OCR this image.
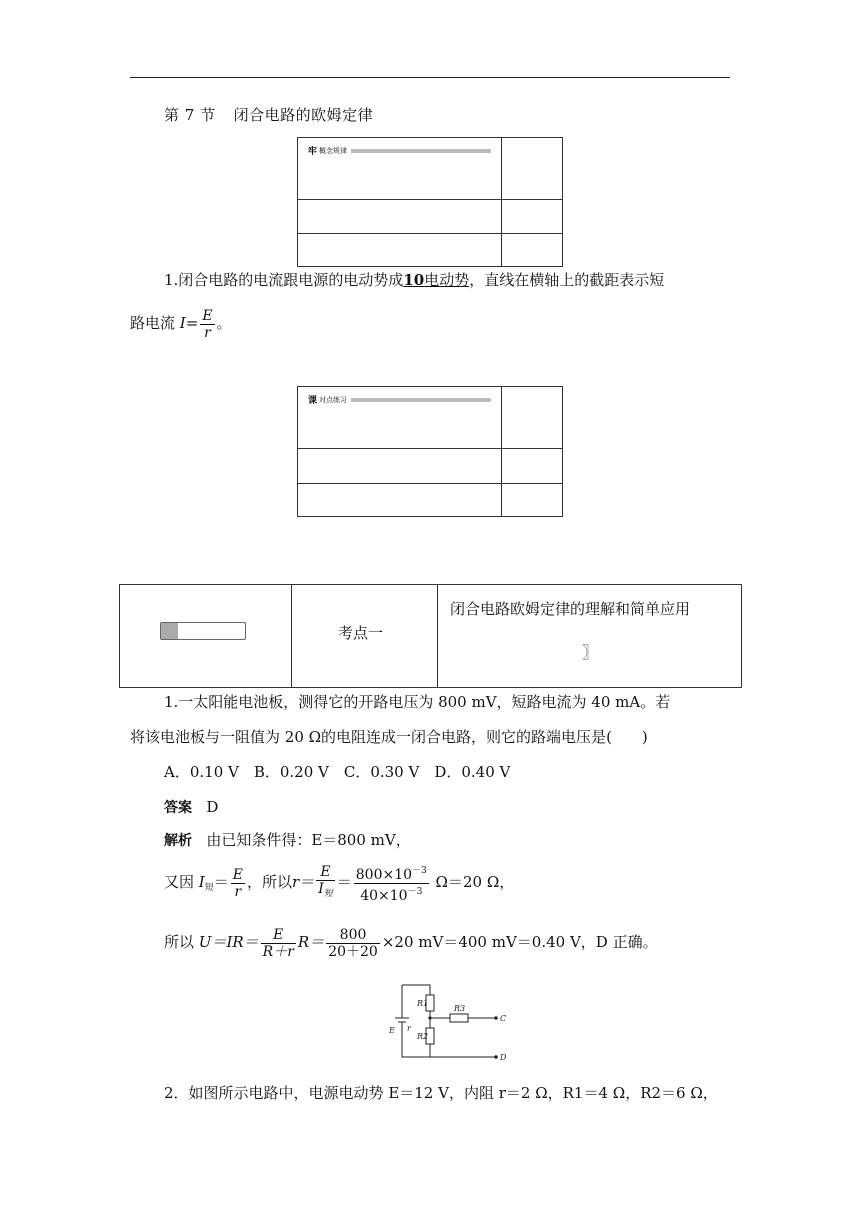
第 7 节 闭合电路的欧姆定律
牢 概念规律
1.闭合电路的电流跟电源的电动势成10电动势，直线在横轴上的截距表示短
路电流 $I= \frac{E}{r}$ 。
课 对点练习
考点一
闭合电路欧姆定律的理解和简单应用
〗
1.一太阳能电池板，测得它的开路电压为 800 mV，短路电流为 40 mA。若
将该电池板与一阻值为 20 Ω的电阻连成一闭合电路，则它的路端电压是(　　)
A．0.10 V　B．0.20 V　C．0.30 V　D．0.40 V
答案 D
解析 由已知条件得：E＝800 mV，
又因 $I_短= \frac{E}{r}$ ，所以$r= \frac{E}{I_短} = \frac{800\times 10^{-3}}{40\times 10^{-3}} \Omega=20$ Ω，
所以 $U=IR= \frac{E}{R+r} R= \frac{800}{20+20} \times 20$ mV＝400 mV＝0.40 V，D 正确。
R1
R3
R2
E r
C
D
2．如图所示电路中，电源电动势 E＝12 V，内阻 r＝2 Ω，R1＝4 Ω，R2＝6 Ω，
